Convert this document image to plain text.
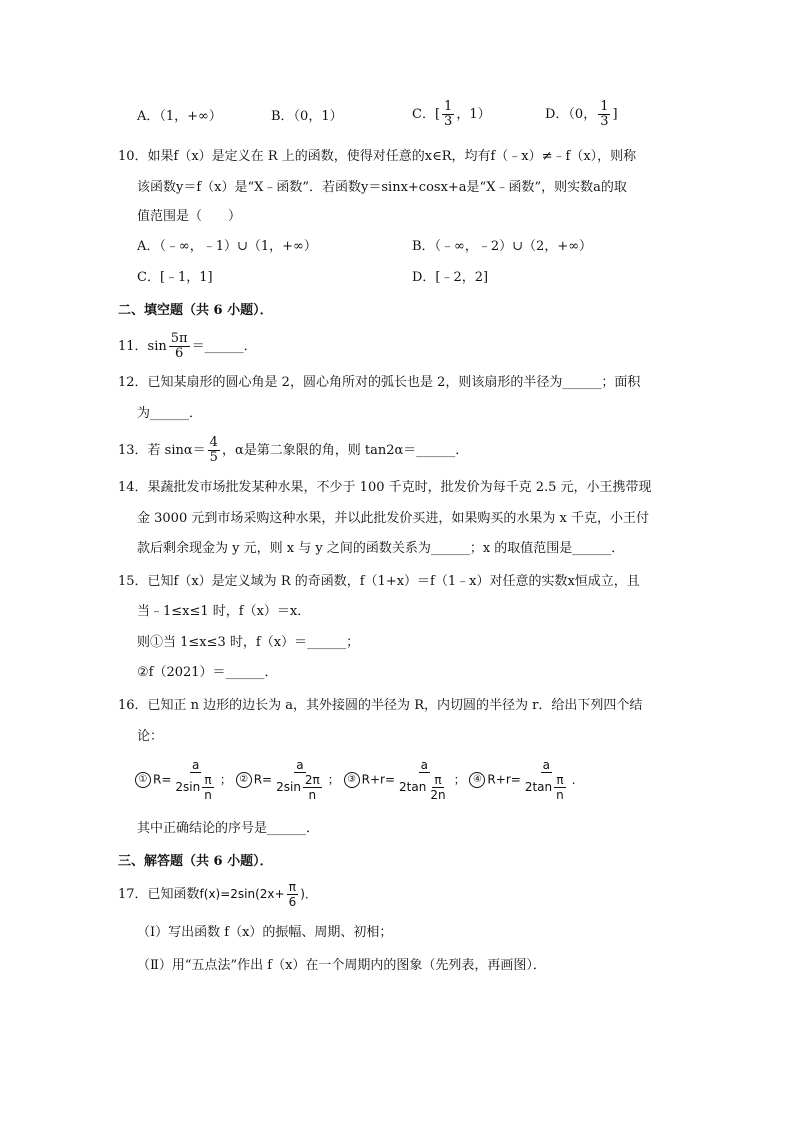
A．（1，+∞）	B．（0，1）	C．[ $\frac{1}{3}$ ，1）	D．（0， $\frac{1}{3}$ ]
10．如果f（x）是定义在 R 上的函数，使得对任意的x∈R，均有f（﹣x）≠﹣f（x），则称
该函数y＝f（x）是“X﹣函数”．若函数y＝sinx+cosx+a是“X﹣函数”，则实数a的取
值范围是（　　）
A．（﹣∞，﹣1）∪（1，+∞）	B．（﹣∞，﹣2）∪（2，+∞）
C．[﹣1，1]	D．[﹣2，2]
二、填空题（共 6 小题）．
11．$\sin \frac{5\pi}{6}$ ＝______．
12．已知某扇形的圆心角是 2，圆心角所对的弧长也是 2，则该扇形的半径为______；面积
为______．
13．若 $\sin\alpha= \frac{4}{5}$ ，α是第二象限的角，则 tan2α＝______．
14．果蔬批发市场批发某种水果，不少于 100 千克时，批发价为每千克 2.5 元，小王携带现
金 3000 元到市场采购这种水果，并以此批发价买进，如果购买的水果为 x 千克，小王付
款后剩余现金为 y 元，则 x 与 y 之间的函数关系为______；x 的取值范围是______．
15．已知f（x）是定义域为 R 的奇函数，f（1+x）＝f（1﹣x）对任意的实数x恒成立，且
当﹣1≤x≤1 时，f（x）＝x．
则①当 1≤x≤3 时，f（x）＝______；
②f（2021）＝______．
16．已知正 n 边形的边长为 a，其外接圆的半径为 R，内切圆的半径为 r．给出下列四个结
论：
① $R= \frac{a}{2\sin \frac{\pi}{n}}$ ； ② $R= \frac{a}{2\sin \frac{2\pi}{n}}$ ； ③ $R+r= \frac{a}{2\tan \frac{\pi}{2n}}$ ； ④ $R+r= \frac{a}{2\tan \frac{\pi}{n}}$ ．
其中正确结论的序号是______．
三、解答题（共 6 小题）．
17．已知函数$f(x)=2\sin(2x+ \frac{\pi}{6}$ )．
（Ⅰ）写出函数 f（x）的振幅、周期、初相；
（Ⅱ）用“五点法”作出 f（x）在一个周期内的图象（先列表，再画图）．
